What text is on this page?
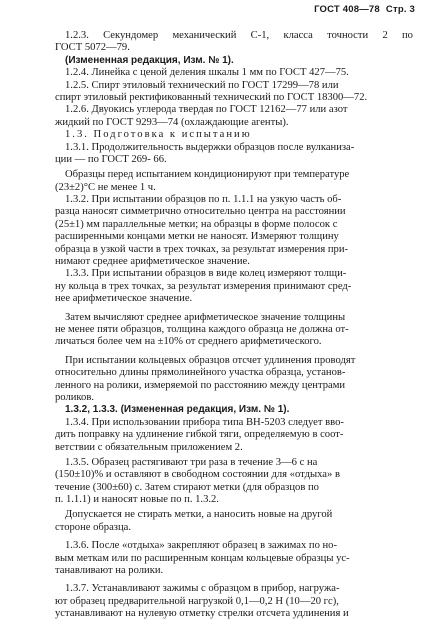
ГОСТ 408—78 Стр. 3
1.2.3. Секундомер механический С-1, класса точности 2 по
ГОСТ 5072—79.
(Измененная редакция, Изм. № 1).
1.2.4. Линейка с ценой деления шкалы 1 мм по ГОСТ 427—75.
1.2.5. Спирт этиловый технический по ГОСТ 17299—78 или
спирт этиловый ректификованный технический по ГОСТ 18300—72.
1.2.6. Двуокись углерода твердая по ГОСТ 12162—77 или азот
жидкий по ГОСТ 9293—74 (охлаждающие агенты).
1.3. Подготовка к испытанию
1.3.1. Продолжительность выдержки образцов после вулканиза-
ции — по ГОСТ 269- 66.
Образцы перед испытанием кондиционируют при температуре
(23±2)°С не менее 1 ч.
1.3.2. При испытании образцов по п. 1.1.1 на узкую часть об-
разца наносят симметрично относительно центра на расстоянии
(25±1) мм параллельные метки; на образцы в форме полосок с
расширенными концами метки не наносят. Измеряют толщину
образца в узкой части в трех точках, за результат измерения при-
нимают среднее арифметическое значение.
1.3.3. При испытании образцов в виде колец измеряют толщи-
ну кольца в трех точках, за результат измерения принимают сред-
нее арифметическое значение.
Затем вычисляют среднее арифметическое значение толщины
не менее пяти образцов, толщина каждого образца не должна от-
личаться более чем на ±10% от среднего арифметического.
При испытании кольцевых образцов отсчет удлинения проводят
относительно длины прямолинейного участка образца, установ-
ленного на ролики, измеряемой по расстоянию между центрами
роликов.
1.3.2, 1.3.3. (Измененная редакция, Изм. № 1).
1.3.4. При использовании прибора типа ВН-5203 следует вво-
дить поправку на удлинение гибкой тяги, определяемую в соот-
ветствии с обязательным приложением 2.
1.3.5. Образец растягивают три раза в течение 3—6 с на
(150±10)% и оставляют в свободном состоянии для «отдыха» в
течение (300±60) с. Затем стирают метки (для образцов по
п. 1.1.1) и наносят новые по п. 1.3.2.
Допускается не стирать метки, а наносить новые на другой
стороне образца.
1.3.6. После «отдыха» закрепляют образец в зажимах по но-
вым меткам или по расширенным концам кольцевые образцы ус-
танавливают на ролики.
1.3.7. Устанавливают зажимы с образцом в прибор, нагружа-
ют образец предварительной нагрузкой 0,1—0,2 Н (10—20 гс),
устанавливают на нулевую отметку стрелки отсчета удлинения и
